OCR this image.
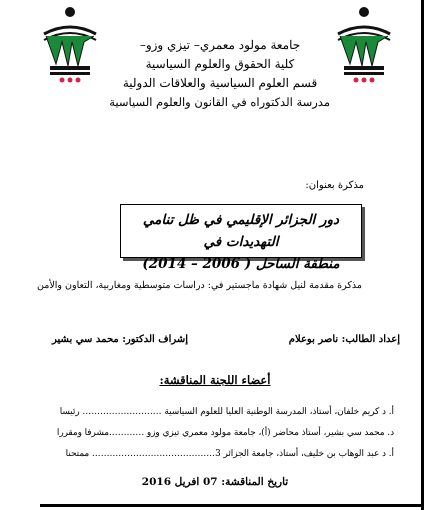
جامعة مولود معمري– تيزي وزو–
كلية الحقوق والعلوم السياسية
قسم العلوم السياسية والعلاقات الدولية
مدرسة الدكتوراه في القانون والعلوم السياسية
مذكرة بعنوان:
دور الجزائر الإقليمي في ظل تنامي التهديدات في
منطقة الساحل ( 2006 – 2014)
مذكرة مقدمة لنيل شهادة ماجستير في: دراسات متوسطية ومغاربية، التعاون والأمن
إعداد الطالب: ناصر بوعلام
إشراف الدكتور: محمد سي بشير
أعضاء اللجنة المناقشة:
أ. د كريم خلفان، أستاذ، المدرسة الوطنية العليا للعلوم السياسية ……………………… رئيسا
د. محمد سي بشير، أستاذ محاضر (أ)، جامعة مولود معمري تيزي وزو …………مشرفا ومقررا
أ. د عبد الوهاب بن خليف، أستاذ، جامعة الجزائر 3…………………………………… ممتحنا
تاريخ المناقشة: 07 افريل 2016
